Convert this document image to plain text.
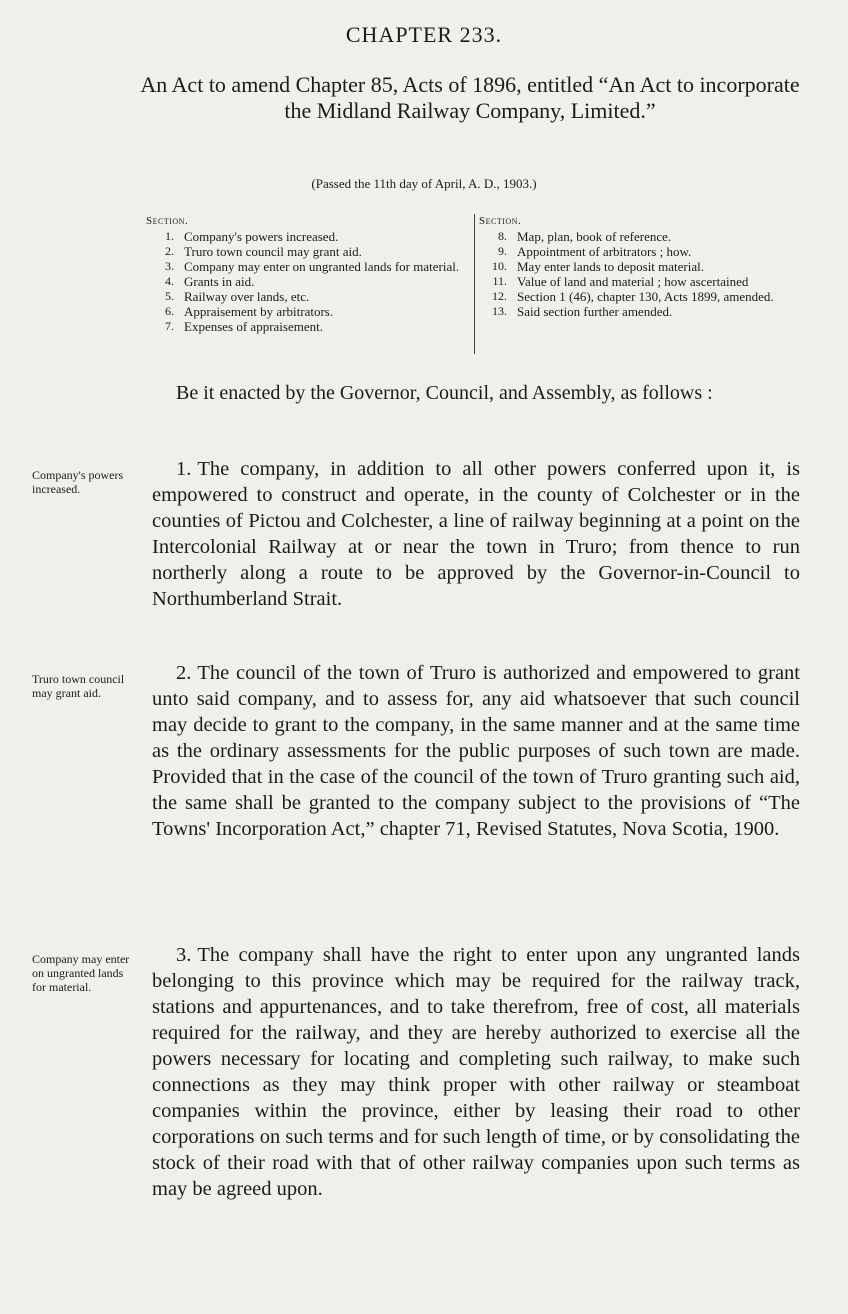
CHAPTER 233.
An Act to amend Chapter 85, Acts of 1896, entitled “An Act to incorporate the Midland Railway Company, Limited.”
(Passed the 11th day of April, A. D., 1903.)
Section.
1. Company's powers increased.
2. Truro town council may grant aid.
3. Company may enter on ungranted lands for material.
4. Grants in aid.
5. Railway over lands, etc.
6. Appraisement by arbitrators.
7. Expenses of appraisement.
Section.
8. Map, plan, book of reference.
9. Appointment of arbitrators ; how.
10. May enter lands to deposit material.
11. Value of land and material ; how ascertained
12. Section 1 (46), chapter 130, Acts 1899, amended.
13. Said section further amended.
Be it enacted by the Governor, Council, and Assembly, as follows :
Company's powers increased.
1. The company, in addition to all other powers conferred upon it, is empowered to construct and operate, in the county of Colchester or in the counties of Pictou and Colchester, a line of railway beginning at a point on the Intercolonial Railway at or near the town in Truro; from thence to run northerly along a route to be approved by the Governor-in-Council to Northumberland Strait.
Truro town council may grant aid.
2. The council of the town of Truro is authorized and empowered to grant unto said company, and to assess for, any aid whatsoever that such council may decide to grant to the company, in the same manner and at the same time as the ordinary assessments for the public purposes of such town are made. Provided that in the case of the council of the town of Truro granting such aid, the same shall be granted to the company subject to the provisions of “The Towns' Incorporation Act,” chapter 71, Revised Statutes, Nova Scotia, 1900.
Company may enter on ungranted lands for material.
3. The company shall have the right to enter upon any ungranted lands belonging to this province which may be required for the railway track, stations and appurtenances, and to take therefrom, free of cost, all materials required for the railway, and they are hereby authorized to exercise all the powers necessary for locating and completing such railway, to make such connections as they may think proper with other railway or steamboat companies within the province, either by leasing their road to other corporations on such terms and for such length of time, or by consolidating the stock of their road with that of other railway companies upon such terms as may be agreed upon.
